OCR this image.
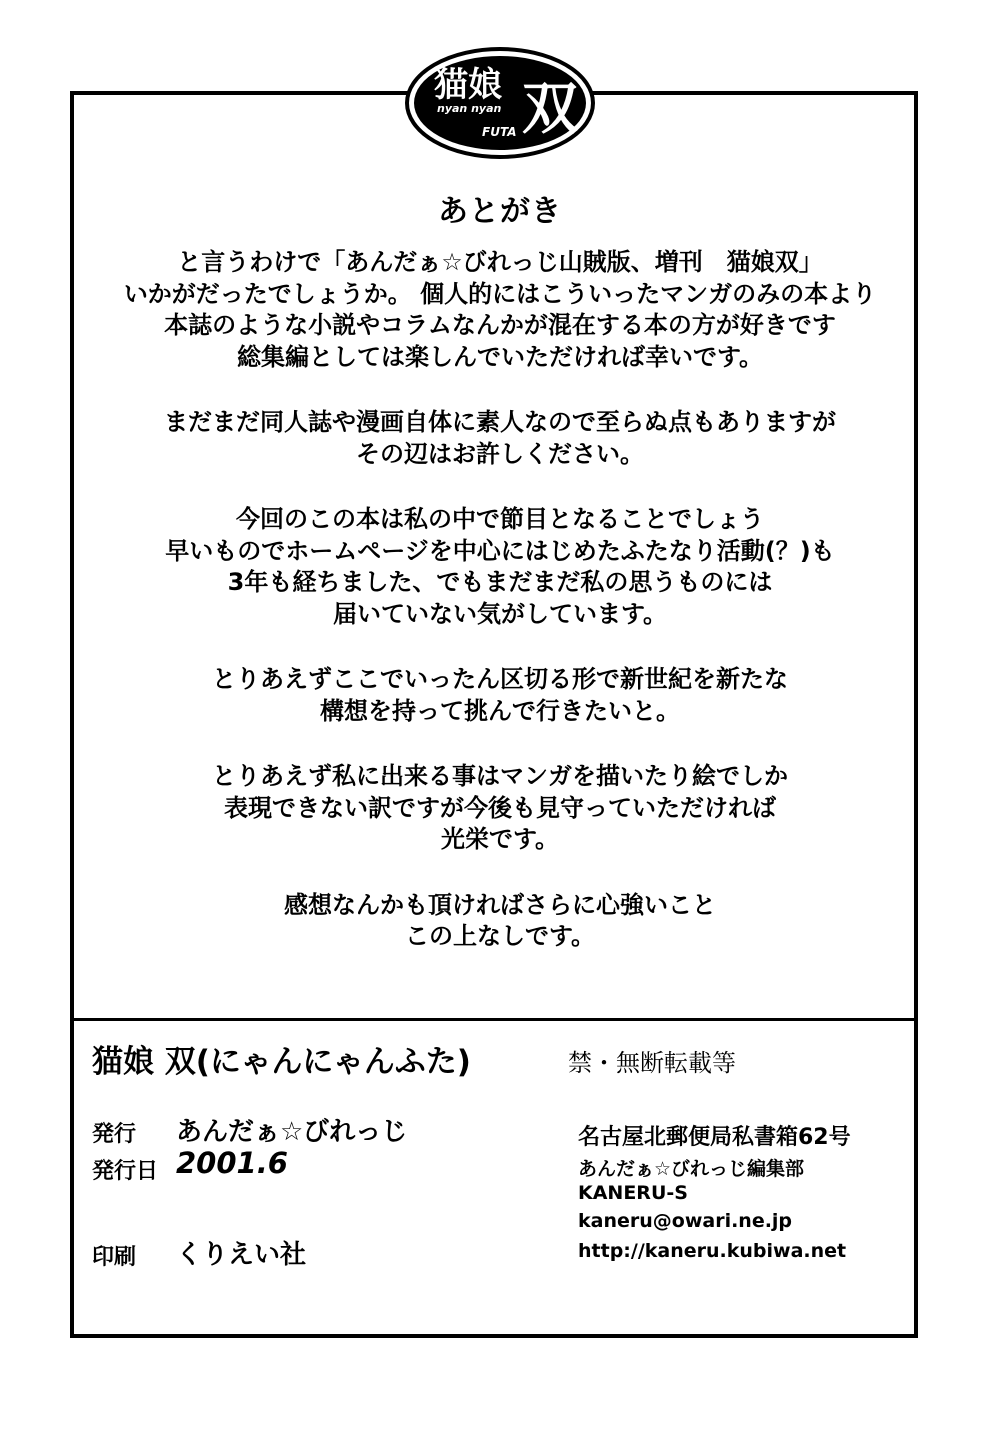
猫娘
nyan nyan
FUTA 双
あとがき
と言うわけで「あんだぁ☆びれっじ山賊版、増刊　猫娘双」
いかがだったでしょうか。 個人的にはこういったマンガのみの本より
本誌のような小説やコラムなんかが混在する本の方が好きです
総集編としては楽しんでいただければ幸いです。
まだまだ同人誌や漫画自体に素人なので至らぬ点もありますが
その辺はお許しください。
今回のこの本は私の中で節目となることでしょう
早いものでホームページを中心にはじめたふたなり活動(？)も
3年も経ちました、でもまだまだ私の思うものには
届いていない気がしています。
とりあえずここでいったん区切る形で新世紀を新たな
構想を持って挑んで行きたいと。
とりあえず私に出来る事はマンガを描いたり絵でしか
表現できない訳ですが今後も見守っていただければ
光栄です。
感想なんかも頂ければさらに心強いこと
この上なしです。
猫娘 双(にゃんにゃんふた)	禁・無断転載等
発行 あんだぁ☆びれっじ
発行日 2001.6
印刷 くりえい社
名古屋北郵便局私書箱62号
あんだぁ☆びれっじ編集部
KANERU-S
kaneru@owari.ne.jp
http://kaneru.kubiwa.net
